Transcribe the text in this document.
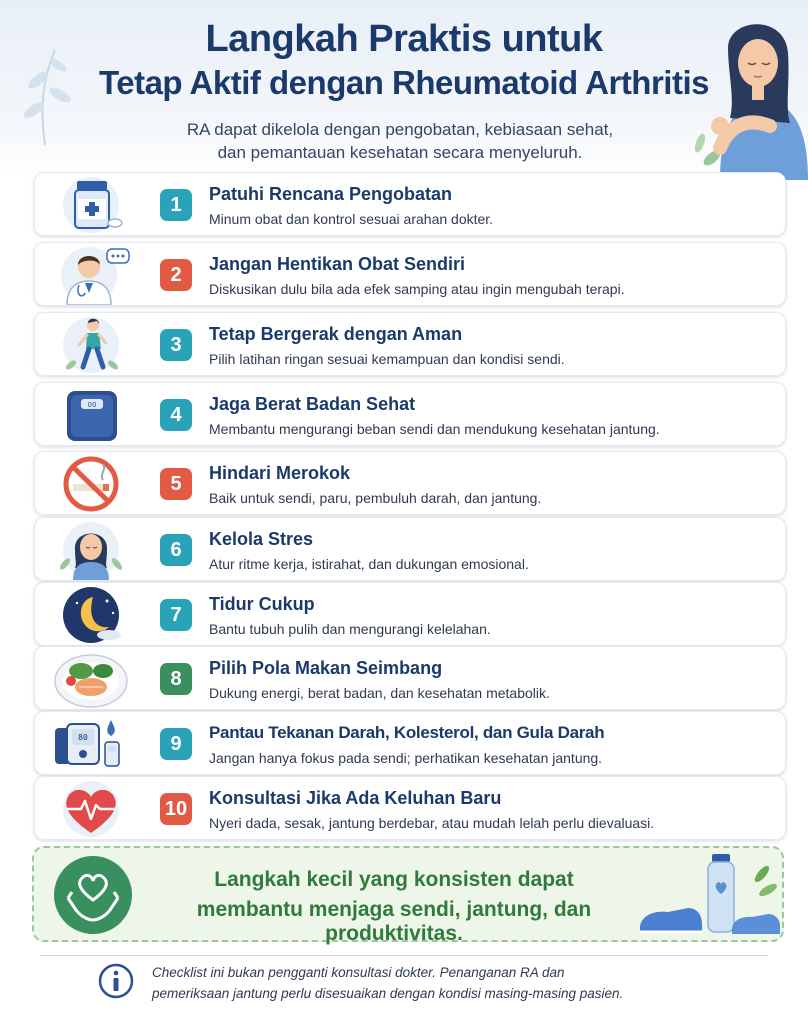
Langkah Praktis untuk
Tetap Aktif dengan Rheumatoid Arthritis
RA dapat dikelola dengan pengobatan, kebiasaan sehat,
dan pemantauan kesehatan secara menyeluruh.
1	Patuhi Rencana Pengobatan
Minum obat dan kontrol sesuai arahan dokter.
2	Jangan Hentikan Obat Sendiri
Diskusikan dulu bila ada efek samping atau ingin mengubah terapi.
3	Tetap Bergerak dengan Aman
Pilih latihan ringan sesuai kemampuan dan kondisi sendi.
00	4	Jaga Berat Badan Sehat
Membantu mengurangi beban sendi dan mendukung kesehatan jantung.
5	Hindari Merokok
Baik untuk sendi, paru, pembuluh darah, dan jantung.
6	Kelola Stres
Atur ritme kerja, istirahat, dan dukungan emosional.
7	Tidur Cukup
Bantu tubuh pulih dan mengurangi kelelahan.
8	Pilih Pola Makan Seimbang
Dukung energi, berat badan, dan kesehatan metabolik.
80	9
Pantau Tekanan Darah, Kolesterol, dan Gula Darah
Jangan hanya fokus pada sendi; perhatikan kesehatan jantung.
10 Konsultasi Jika Ada Keluhan Baru
Nyeri dada, sesak, jantung berdebar, atau mudah lelah perlu dievaluasi.
Langkah kecil yang konsisten dapat
membantu menjaga sendi, jantung, dan produktivitas.
Checklist ini bukan pengganti konsultasi dokter. Penanganan RA dan
pemeriksaan jantung perlu disesuaikan dengan kondisi masing-masing pasien.
